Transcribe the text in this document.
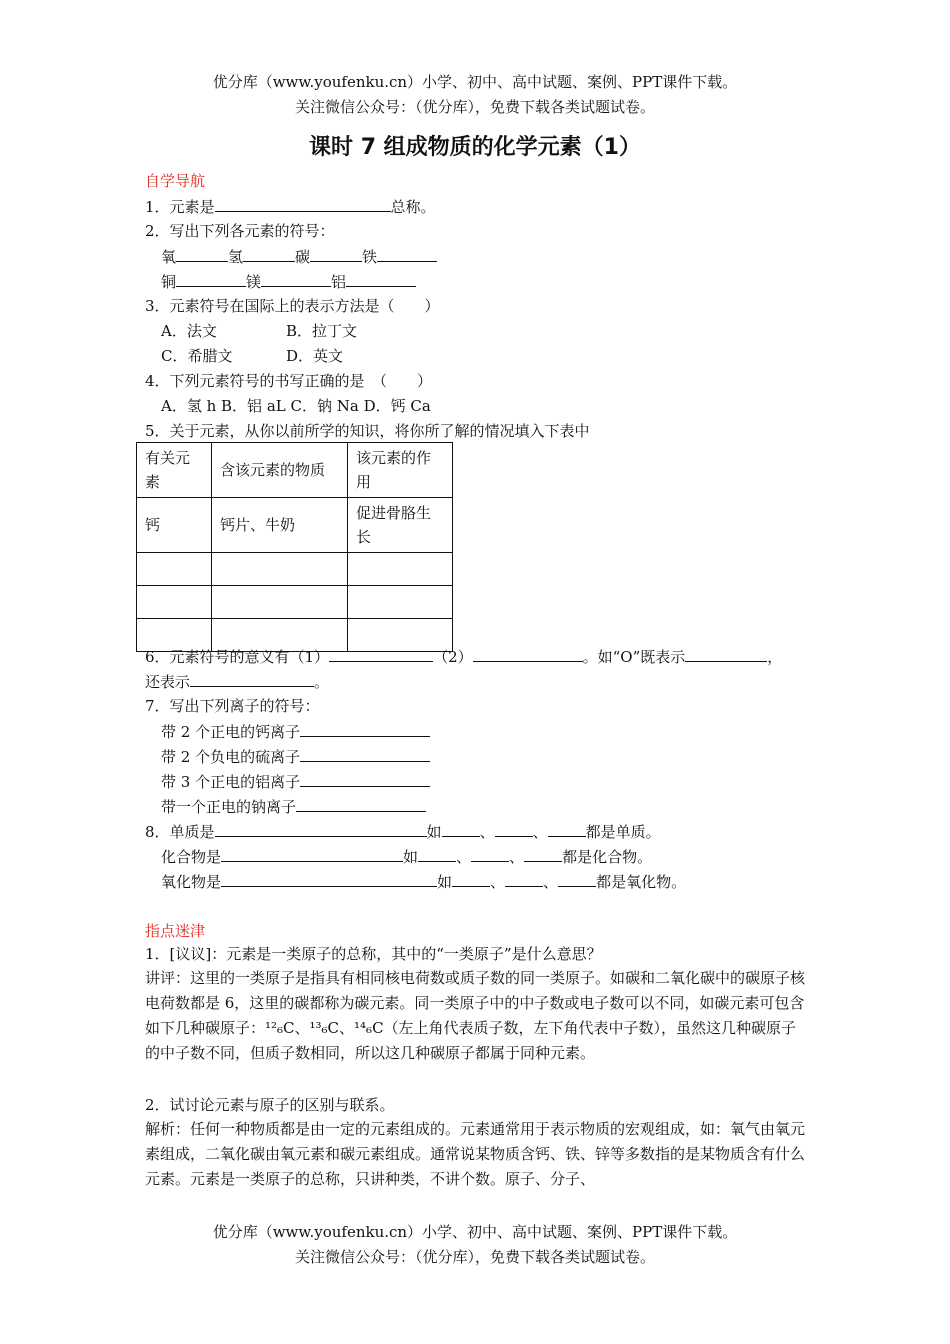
优分库（www.youfenku.cn）小学、初中、高中试题、案例、PPT课件下载。
关注微信公众号：（优分库），免费下载各类试题试卷。
课时 7 组成物质的化学元素（1）
自学导航
1．元素是	总称。
2．写出下列各元素的符号：
氧	氢	碳	铁
铜	镁	铝
3．元素符号在国际上的表示方法是（　　）
A．法文	B．拉丁文
C．希腊文	D．英文
4．下列元素符号的书写正确的是　（　　）
A．氢 h B．铝 aL C．钠 Na D．钙 Ca
5．关于元素，从你以前所学的知识，将你所了解的情况填入下表中
有关元素	含该元素的物质	该元素的作用
钙	钙片、牛奶	促进骨胳生长

6．元素符号的意义有（1）	（2）	。如“O”既表示	，
还表示	。
7．写出下列离子的符号：
带 2 个正电的钙离子
带 2 个负电的硫离子
带 3 个正电的铝离子
带一个正电的钠离子
8．单质是	如	、	、	都是单质。
化合物是	如	、	、	都是化合物。
氧化物是	如	、	、	都是氧化物。
指点迷津
1．[议议]：元素是一类原子的总称，其中的“一类原子”是什么意思？
讲评：这里的一类原子是指具有相同核电荷数或质子数的同一类原子。如碳和二氧化碳中的碳原子核电荷数都是 6，这里的碳都称为碳元素。同一类原子中的中子数或电子数可以不同，如碳元素可包含如下几种碳原子：¹²₆C、¹³₆C、¹⁴₆C（左上角代表质子数，左下角代表中子数），虽然这几种碳原子的中子数不同，但质子数相同，所以这几种碳原子都属于同种元素。
2．试讨论元素与原子的区别与联系。
解析：任何一种物质都是由一定的元素组成的。元素通常用于表示物质的宏观组成，如：氧气由氧元素组成，二氧化碳由氧元素和碳元素组成。通常说某物质含钙、铁、锌等多数指的是某物质含有什么元素。元素是一类原子的总称，只讲种类，不讲个数。原子、分子、
优分库（www.youfenku.cn）小学、初中、高中试题、案例、PPT课件下载。
关注微信公众号：（优分库），免费下载各类试题试卷。
